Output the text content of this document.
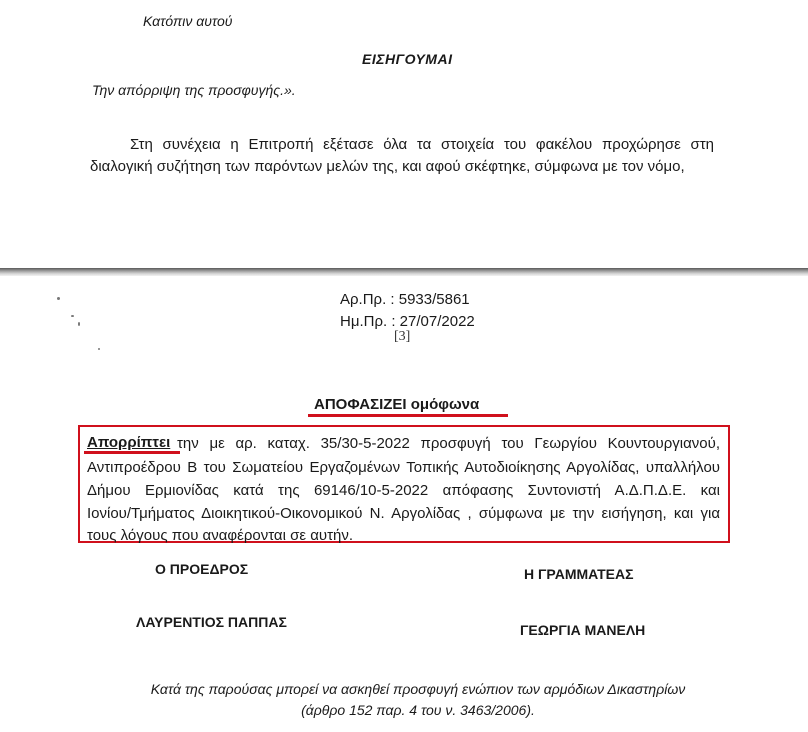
Κατόπιν αυτού
ΕΙΣΗΓΟΥΜΑΙ
Την απόρριψη της προσφυγής.».
Στη συνέχεια η Επιτροπή εξέτασε όλα τα στοιχεία του φακέλου προχώρησε στη
διαλογική συζήτηση των παρόντων μελών της, και αφού σκέφτηκε, σύμφωνα με τον νόμο,
Αρ.Πρ. : 5933/5861
Ημ.Πρ. : 27/07/2022
[3]
ΑΠΟΦΑΣΙΖΕΙ ομόφωνα
Απορρίπτει την με αρ. καταχ. 35/30-5-2022 προσφυγή του Γεωργίου Κουντουργιανού,
Αντιπροέδρου Β του Σωματείου Εργαζομένων Τοπικής Αυτοδιοίκησης Αργολίδας, υπαλλήλου
Δήμου Ερμιονίδας κατά της 69146/10-5-2022 απόφασης Συντονιστή Α.Δ.Π.Δ.Ε. και
Ιονίου/Τμήματος Διοικητικού-Οικονομικού Ν. Αργολίδας , σύμφωνα με την εισήγηση, και για
τους λόγους που αναφέρονται σε αυτήν.
Ο ΠΡΟΕΔΡΟΣ	Η ΓΡΑΜΜΑΤΕΑΣ
ΛΑΥΡΕΝΤΙΟΣ ΠΑΠΠΑΣ	ΓΕΩΡΓΙΑ ΜΑΝΕΛΗ
Κατά της παρούσας μπορεί να ασκηθεί προσφυγή ενώπιον των αρμόδιων Δικαστηρίων
(άρθρο 152 παρ. 4 του ν. 3463/2006).
